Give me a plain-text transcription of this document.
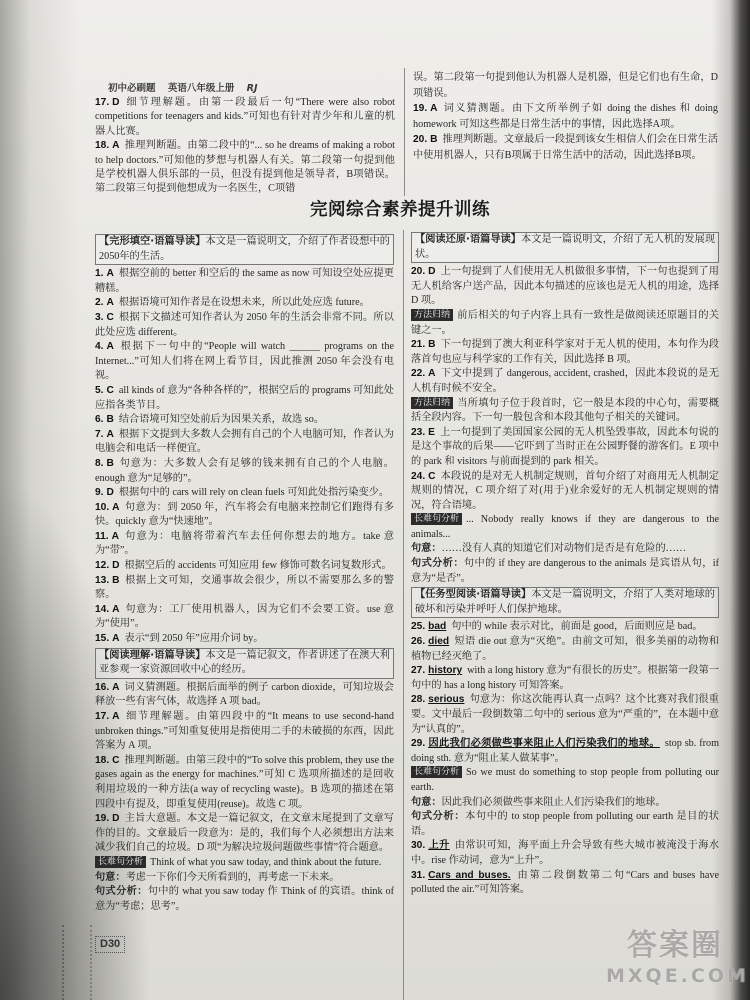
初中必刷题 英语八年级上册 RJ
17. D 细节理解题。由第一段最后一句“There were also robot competitions for teenagers and kids.”可知也有针对青少年和儿童的机器人比赛。
18. A 推理判断题。由第二段中的“... so he dreams of making a robot to help doctors.”可知他的梦想与机器人有关。第二段第一句提到他是学校机器人俱乐部的一员，但没有提到他是领导者，B项错误。第二段第三句提到他想成为一名医生，C项错
误。第二段第一句提到他认为机器人是机器，但是它们也有生命，D项错误。
19. A 词义猜测题。由下文所举例子如 doing the dishes 和 doing homework 可知这些都是日常生活中的事情，因此选择A项。
20. B 推理判断题。文章最后一段提到该女生相信人们会在日常生活中使用机器人，只有B项属于日常生活中的活动，因此选择B项。
完阅综合素养提升训练
【完形填空·语篇导读】本文是一篇说明文，介绍了作者设想中的2050年的生活。
1. A 根据空前的 better 和空后的 the same as now 可知设空处应提更糟糕。
2. A 根据语境可知作者是在设想未来，所以此处应选 future。
3. C 根据下文描述可知作者认为 2050 年的生活会非常不同。所以此处应选 different。
4. A 根据下一句中的“People will watch ______ programs on the Internet...”可知人们将在网上看节目，因此推测 2050 年会没有电视。
5. C all kinds of 意为“各种各样的”，根据空后的 programs 可知此处应指各类节目。
6. B 结合语境可知空处前后为因果关系，故选 so。
7. A 根据下文提到大多数人会拥有自己的个人电脑可知，作者认为电脑会和电话一样便宜。
8. B 句意为：大多数人会有足够的钱来拥有自己的个人电脑。enough 意为“足够的”。
9. D 根据句中的 cars will rely on clean fuels 可知此处指污染变少。
10. A 句意为：到 2050 年，汽车将会有电脑来控制它们跑得有多快。quickly 意为“快速地”。
11. A 句意为：电脑将带着汽车去任何你想去的地方。take 意为“带”。
12. D 根据空后的 accidents 可知应用 few 修饰可数名词复数形式。
13. B 根据上文可知，交通事故会很少，所以不需要那么多的警察。
14. A 句意为：工厂使用机器人，因为它们不会要工资。use 意为“使用”。
15. A 表示“到 2050 年”应用介词 by。
【阅读理解·语篇导读】本文是一篇记叙文，作者讲述了在澳大利亚参观一家资源回收中心的经历。
16. A 词义猜测题。根据后面举的例子 carbon dioxide，可知垃圾会释放一些有害气体，故选择 A 项 bad。
17. A 细节理解题。由第四段中的“It means to use second-hand unbroken things.”可知重复使用是指使用二手的未破损的东西，因此答案为 A 项。
18. C 推理判断题。由第三段中的“To solve this problem, they use the gases again as the energy for machines.”可知 C 选项所描述的是回收利用垃圾的一种方法(a way of recycling waste)。B 选项的描述在第四段中有提及，即重复使用(reuse)。故选 C 项。
19. D 主旨大意题。本文是一篇记叙文，在文章末尾提到了文章写作的目的。文章最后一段意为：是的，我们每个人必须想出方法来减少我们自己的垃圾。D 项“为解决垃圾问题做些事情”符合题意。
长难句分析 Think of what you saw today, and think about the future.
句意：考虑一下你们今天所看到的，再考虑一下未来。
句式分析：句中的 what you saw today 作 Think of 的宾语。think of 意为“考虑；思考”。
【阅读还原·语篇导读】本文是一篇说明文，介绍了无人机的发展现状。
20. D 上一句提到了人们使用无人机做很多事情，下一句也提到了用无人机给客户送产品，因此本句描述的应该也是无人机的用途，选择 D 项。
方法归纳 前后相关的句子内容上具有一致性是做阅读还原题目的关键之一。
21. B 下一句提到了澳大利亚科学家对于无人机的使用，本句作为段落首句也应与科学家的工作有关，因此选择 B 项。
22. A 下文中提到了 dangerous, accident, crashed，因此本段说的是无人机有时候不安全。
方法归纳 当所填句子位于段首时，它一般是本段的中心句，需要概括全段内容。下一句一般包含和本段其他句子相关的关键词。
23. E 上一句提到了美国国家公园的无人机坠毁事故，因此本句说的是这个事故的后果——它吓到了当时正在公园野餐的游客们。E 项中的 park 和 visitors 与前面提到的 park 相关。
24. C 本段说的是对无人机制定规则，首句介绍了对商用无人机制定规则的情况，C 项介绍了对(用于)业余爱好的无人机制定规则的情况，符合语境。
长难句分析 ... Nobody really knows if they are dangerous to the animals...
句意：……没有人真的知道它们对动物们是否是有危险的……
句式分析：句中的 if they are dangerous to the animals 是宾语从句，if 意为“是否”。
【任务型阅读·语篇导读】本文是一篇说明文，介绍了人类对地球的破坏和污染并呼吁人们保护地球。
25. bad 句中的 while 表示对比，前面是 good，后面则应是 bad。
26. died 短语 die out 意为“灭绝”。由前文可知，很多美丽的动物和植物已经灭绝了。
27. history with a long history 意为“有很长的历史”。根据第一段第一句中的 has a long history 可知答案。
28. serious 句意为：你这次能再认真一点吗？这个比赛对我们很重要。文中最后一段倒数第二句中的 serious 意为“严重的”，在本题中意为“认真的”。
29. 因此我们必须做些事来阻止人们污染我们的地球。 stop sb. from doing sth. 意为“阻止某人做某事”。
长难句分析 So we must do something to stop people from polluting our earth.
句意：因此我们必须做些事来阻止人们污染我们的地球。
句式分析：本句中的 to stop people from polluting our earth 是目的状语。
30. 上升 由常识可知，海平面上升会导致有些大城市被淹没于海水中。rise 作动词，意为“上升”。
31. Cars and buses. 由第二段倒数第二句“Cars and buses have polluted the air.”可知答案。
D30	答案圈
MXQE.COM
